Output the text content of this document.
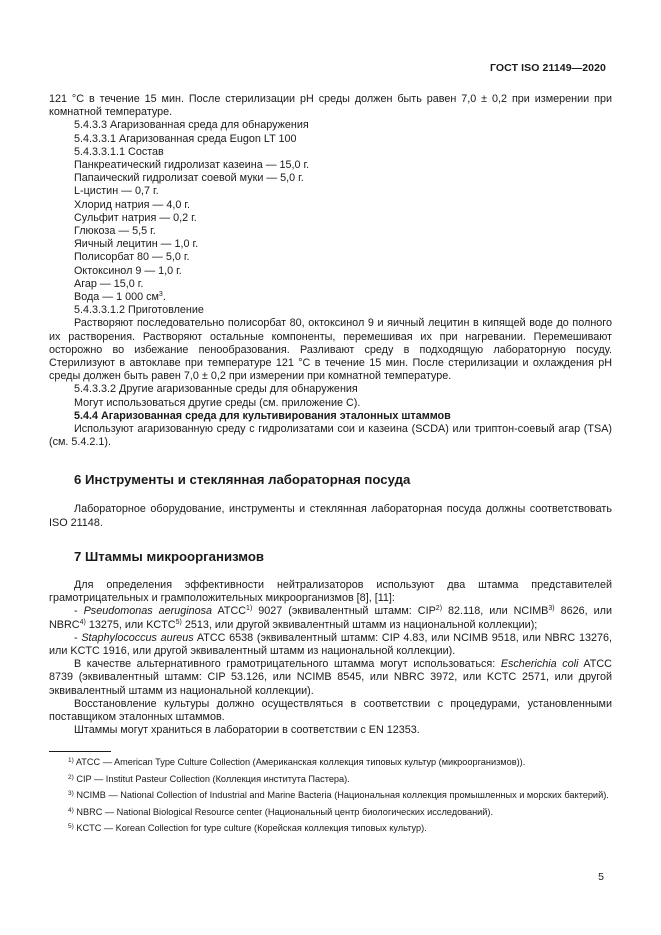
ГОСТ ISO 21149—2020

121 °C в течение 15 мин. После стерилизации pH среды должен быть равен 7,0 ± 0,2 при измерении при комнатной температуре.

5.4.3.3 Агаризованная среда для обнаружения

5.4.3.3.1 Агаризованная среда Eugon LT 100

5.4.3.3.1.1 Состав

Панкреатический гидролизат казеина — 15,0 г.

Папаический гидролизат соевой муки — 5,0 г.

L-цистин — 0,7 г.

Хлорид натрия — 4,0 г.

Сульфит натрия — 0,2 г.

Глюкоза — 5,5 г.

Яичный лецитин — 1,0 г.

Полисорбат 80 — 5,0 г.

Октоксинол 9 — 1,0 г.

Агар — 15,0 г.

Вода — 1 000 $см^3$.

5.4.3.3.1.2 Приготовление

Растворяют последовательно полисорбат 80, октоксинол 9 и яичный лецитин в кипящей воде до полного их растворения. Растворяют остальные компоненты, перемешивая их при нагревании. Перемешивают осторожно во избежание пенообразования. Разливают среду в подходящую лабораторную посуду. Стерилизуют в автоклаве при температуре 121 °C в течение 15 мин. После стерилизации и охлаждения pH среды должен быть равен 7,0 ± 0,2 при измерении при комнатной температуре.

5.4.3.3.2 Другие агаризованные среды для обнаружения

Могут использоваться другие среды (см. приложение С).

5.4.4 Агаризованная среда для культивирования эталонных штаммов

Используют агаризованную среду с гидролизатами сои и казеина (SCDA) или триптон-соевый агар (TSA) (см. 5.4.2.1).

6 Инструменты и стеклянная лабораторная посуда

Лабораторное оборудование, инструменты и стеклянная лабораторная посуда должны соответствовать ISO 21148.

7 Штаммы микроорганизмов

Для определения эффективности нейтрализаторов используют два штамма представителей грамотрицательных и грамположительных микроорганизмов [8], [11]:

- Pseudomonas aeruginosa ATCC$^{1)}$ 9027 (эквивалентный штамм: CIP$^{2)}$ 82.118, или NCIMB$^{3)}$ 8626, или NBRC$^{4)}$ 13275, или KCTC$^{5)}$ 2513, или другой эквивалентный штамм из национальной коллекции);

- Staphylococcus aureus ATCC 6538 (эквивалентный штамм: CIP 4.83, или NCIMB 9518, или NBRC 13276, или KCTC 1916, или другой эквивалентный штамм из национальной коллекции).

В качестве альтернативного грамотрицательного штамма могут использоваться: Escherichia coli ATCC 8739 (эквивалентный штамм: CIP 53.126, или NCIMB 8545, или NBRC 3972, или KCTC 2571, или другой эквивалентный штамм из национальной коллекции).

Восстановление культуры должно осуществляться в соответствии с процедурами, установленными поставщиком эталонных штаммов.

Штаммы могут храниться в лаборатории в соответствии с EN 12353.

$^{1)}$ ATCC — American Type Culture Collection (Американская коллекция типовых культур (микроорганизмов)).

$^{2)}$ CIP — Institut Pasteur Collection (Коллекция института Пастера).

$^{3)}$ NCIMB — National Collection of Industrial and Marine Bacteria (Национальная коллекция промышленных и морских бактерий).

$^{4)}$ NBRC — National Biological Resource center (Национальный центр биологических исследований).

$^{5)}$ KCTC — Korean Collection for type culture (Корейская коллекция типовых культур).

5
